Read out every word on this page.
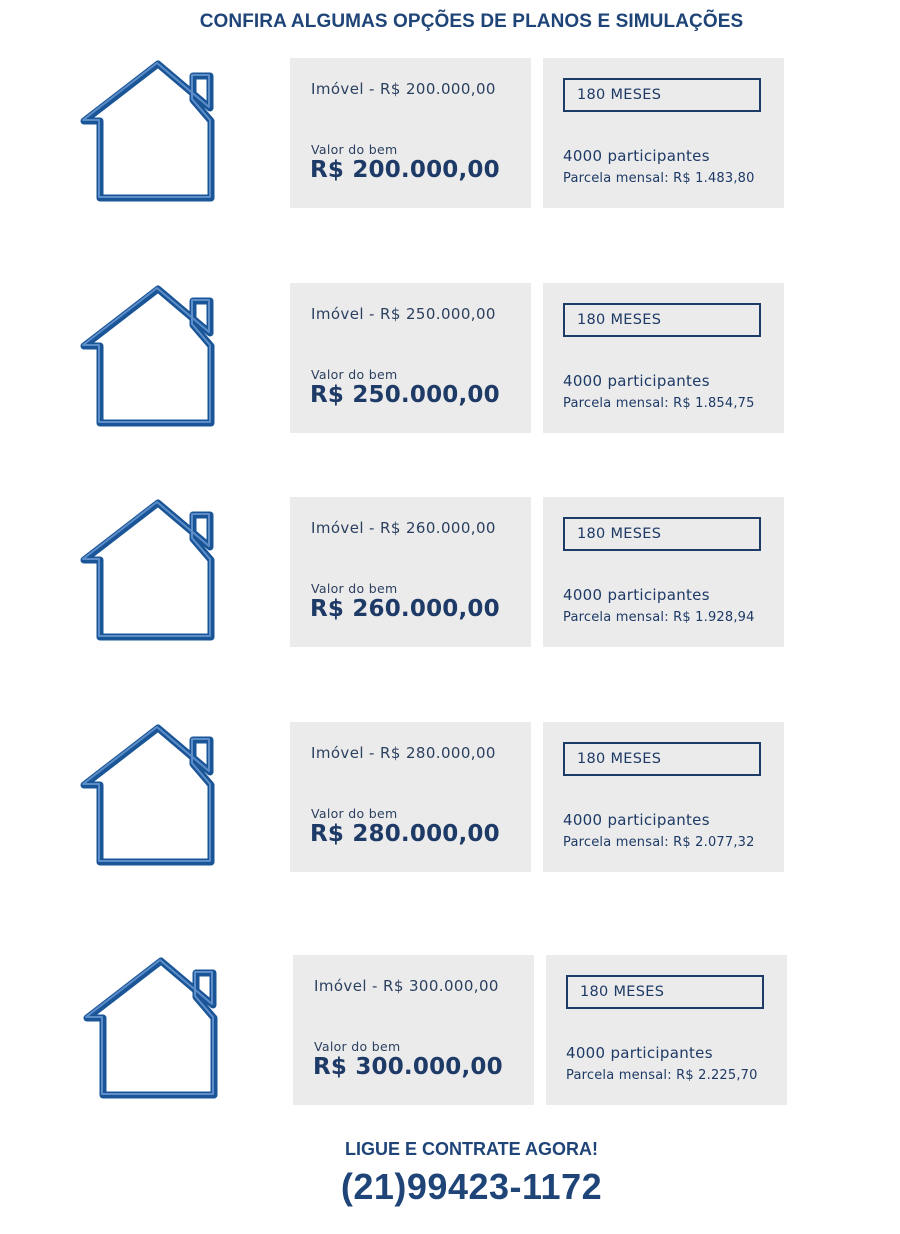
CONFIRA ALGUMAS OPÇÕES DE PLANOS E SIMULAÇÕES
Imóvel - R$ 200.000,00
Valor do bem
R$ 200.000,00
180 MESES
4000 participantes
Parcela mensal: R$ 1.483,80
Imóvel - R$ 250.000,00
Valor do bem
R$ 250.000,00
180 MESES
4000 participantes
Parcela mensal: R$ 1.854,75
Imóvel - R$ 260.000,00
Valor do bem
R$ 260.000,00
180 MESES
4000 participantes
Parcela mensal: R$ 1.928,94
Imóvel - R$ 280.000,00
Valor do bem
R$ 280.000,00
180 MESES
4000 participantes
Parcela mensal: R$ 2.077,32
Imóvel - R$ 300.000,00
Valor do bem
R$ 300.000,00
180 MESES
4000 participantes
Parcela mensal: R$ 2.225,70
LIGUE E CONTRATE AGORA!
(21)99423-1172
